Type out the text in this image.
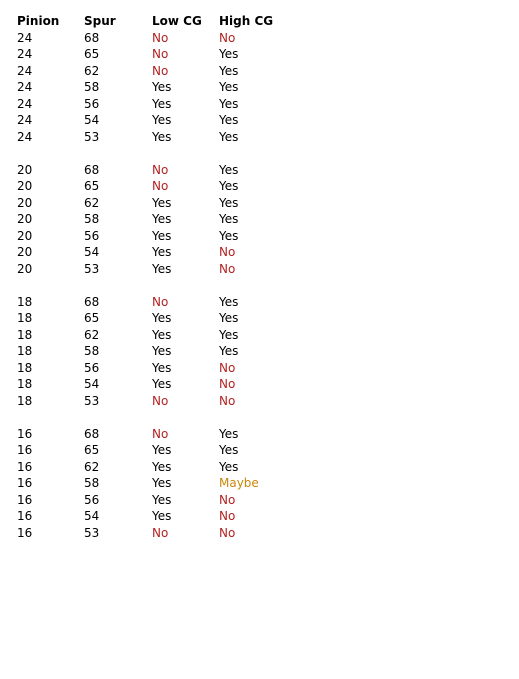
Pinion	Spur	Low CG	High CG
24	68	No	No
24	65	No	Yes
24	62	No	Yes
24	58	Yes	Yes
24	56	Yes	Yes
24	54	Yes	Yes
24	53	Yes	Yes

20	68	No	Yes
20	65	No	Yes
20	62	Yes	Yes
20	58	Yes	Yes
20	56	Yes	Yes
20	54	Yes	No
20	53	Yes	No

18	68	No	Yes
18	65	Yes	Yes
18	62	Yes	Yes
18	58	Yes	Yes
18	56	Yes	No
18	54	Yes	No
18	53	No	No

16	68	No	Yes
16	65	Yes	Yes
16	62	Yes	Yes
16	58	Yes	Maybe
16	56	Yes	No
16	54	Yes	No
16	53	No	No
